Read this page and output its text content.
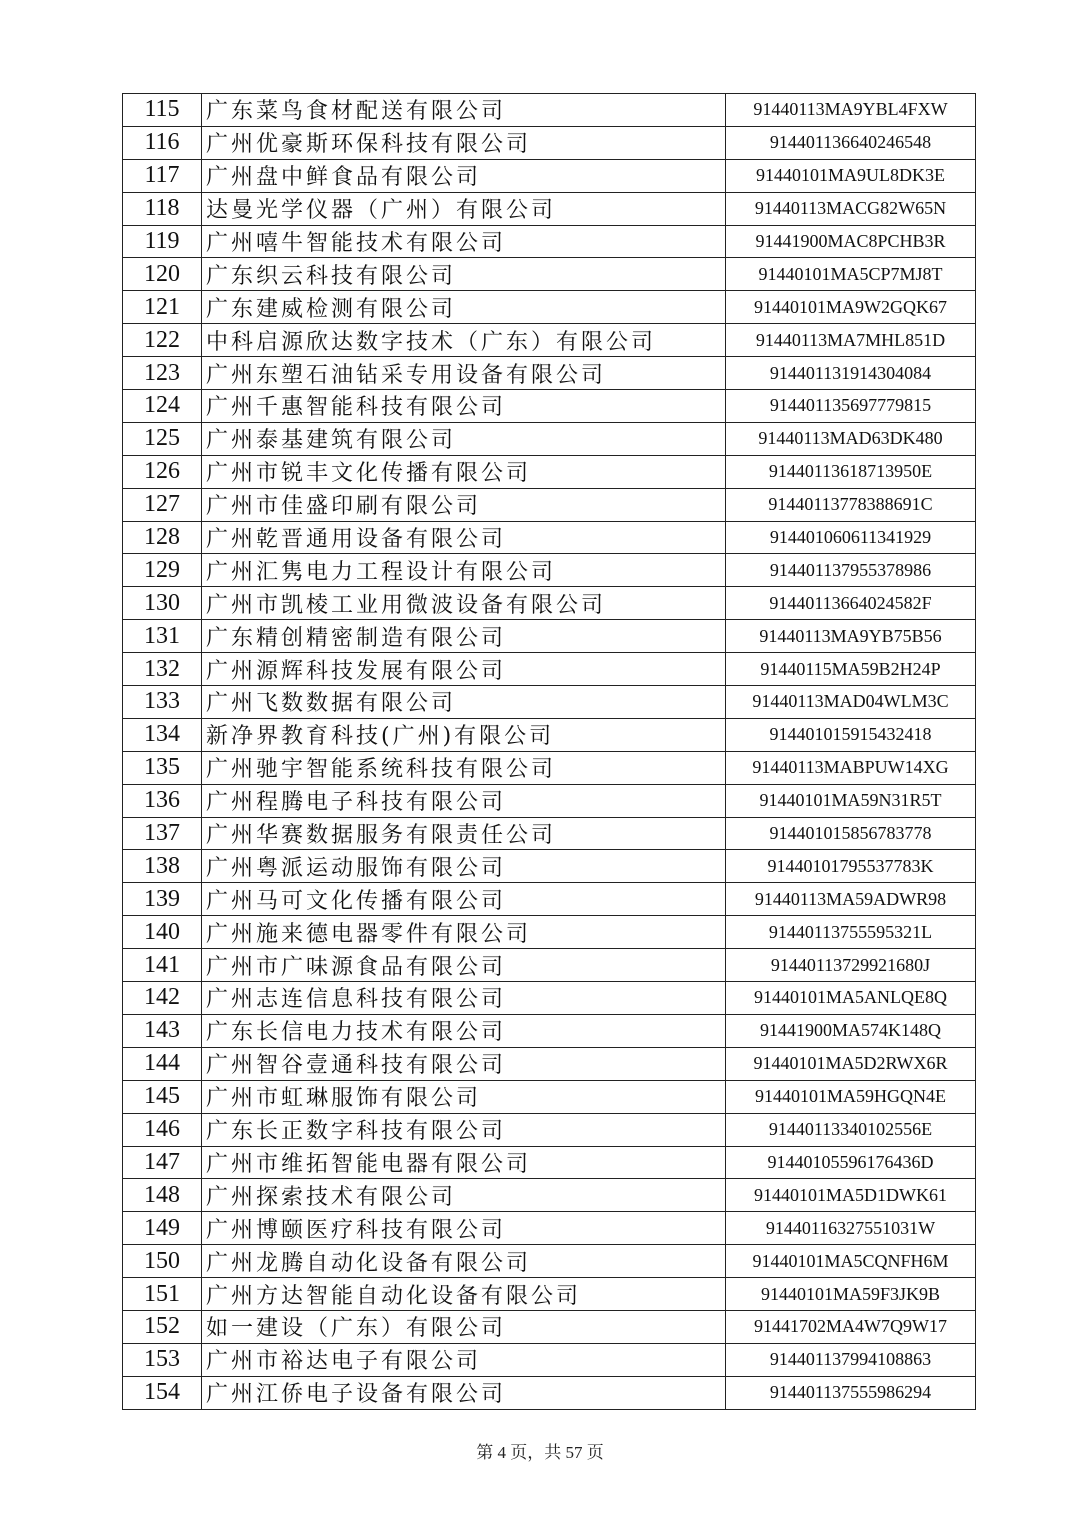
115	广东菜鸟食材配送有限公司	91440113MA9YBL4FXW
116	广州优豪斯环保科技有限公司	914401136640246548
117	广州盘中鲜食品有限公司	91440101MA9UL8DK3E
118	达曼光学仪器（广州）有限公司	91440113MACG82W65N
119	广州嘻牛智能技术有限公司	91441900MAC8PCHB3R
120	广东织云科技有限公司	91440101MA5CP7MJ8T
121	广东建威检测有限公司	91440101MA9W2GQK67
122	中科启源欣达数字技术（广东）有限公司	91440113MA7MHL851D
123	广州东塑石油钻采专用设备有限公司	914401131914304084
124	广州千惠智能科技有限公司	914401135697779815
125	广州泰基建筑有限公司	91440113MAD63DK480
126	广州市锐丰文化传播有限公司	91440113618713950E
127	广州市佳盛印刷有限公司	91440113778388691C
128	广州乾晋通用设备有限公司	914401060611341929
129	广州汇隽电力工程设计有限公司	914401137955378986
130	广州市凯棱工业用微波设备有限公司	91440113664024582F
131	广东精创精密制造有限公司	91440113MA9YB75B56
132	广州源辉科技发展有限公司	91440115MA59B2H24P
133	广州飞数数据有限公司	91440113MAD04WLM3C
134	新净界教育科技(广州)有限公司	914401015915432418
135	广州驰宇智能系统科技有限公司	91440113MABPUW14XG
136	广州程腾电子科技有限公司	91440101MA59N31R5T
137	广州华赛数据服务有限责任公司	914401015856783778
138	广州粤派运动服饰有限公司	91440101795537783K
139	广州马可文化传播有限公司	91440113MA59ADWR98
140	广州施来德电器零件有限公司	91440113755595321L
141	广州市广味源食品有限公司	91440113729921680J
142	广州志连信息科技有限公司	91440101MA5ANLQE8Q
143	广东长信电力技术有限公司	91441900MA574K148Q
144	广州智谷壹通科技有限公司	91440101MA5D2RWX6R
145	广州市虹琳服饰有限公司	91440101MA59HGQN4E
146	广东长正数字科技有限公司	91440113340102556E
147	广州市维拓智能电器有限公司	91440105596176436D
148	广州探索技术有限公司	91440101MA5D1DWK61
149	广州博颐医疗科技有限公司	91440116327551031W
150	广州龙腾自动化设备有限公司	91440101MA5CQNFH6M
151	广州方达智能自动化设备有限公司	91440101MA59F3JK9B
152	如一建设（广东）有限公司	91441702MA4W7Q9W17
153	广州市裕达电子有限公司	914401137994108863
154	广州江侨电子设备有限公司	914401137555986294
第 4 页，共 57 页
